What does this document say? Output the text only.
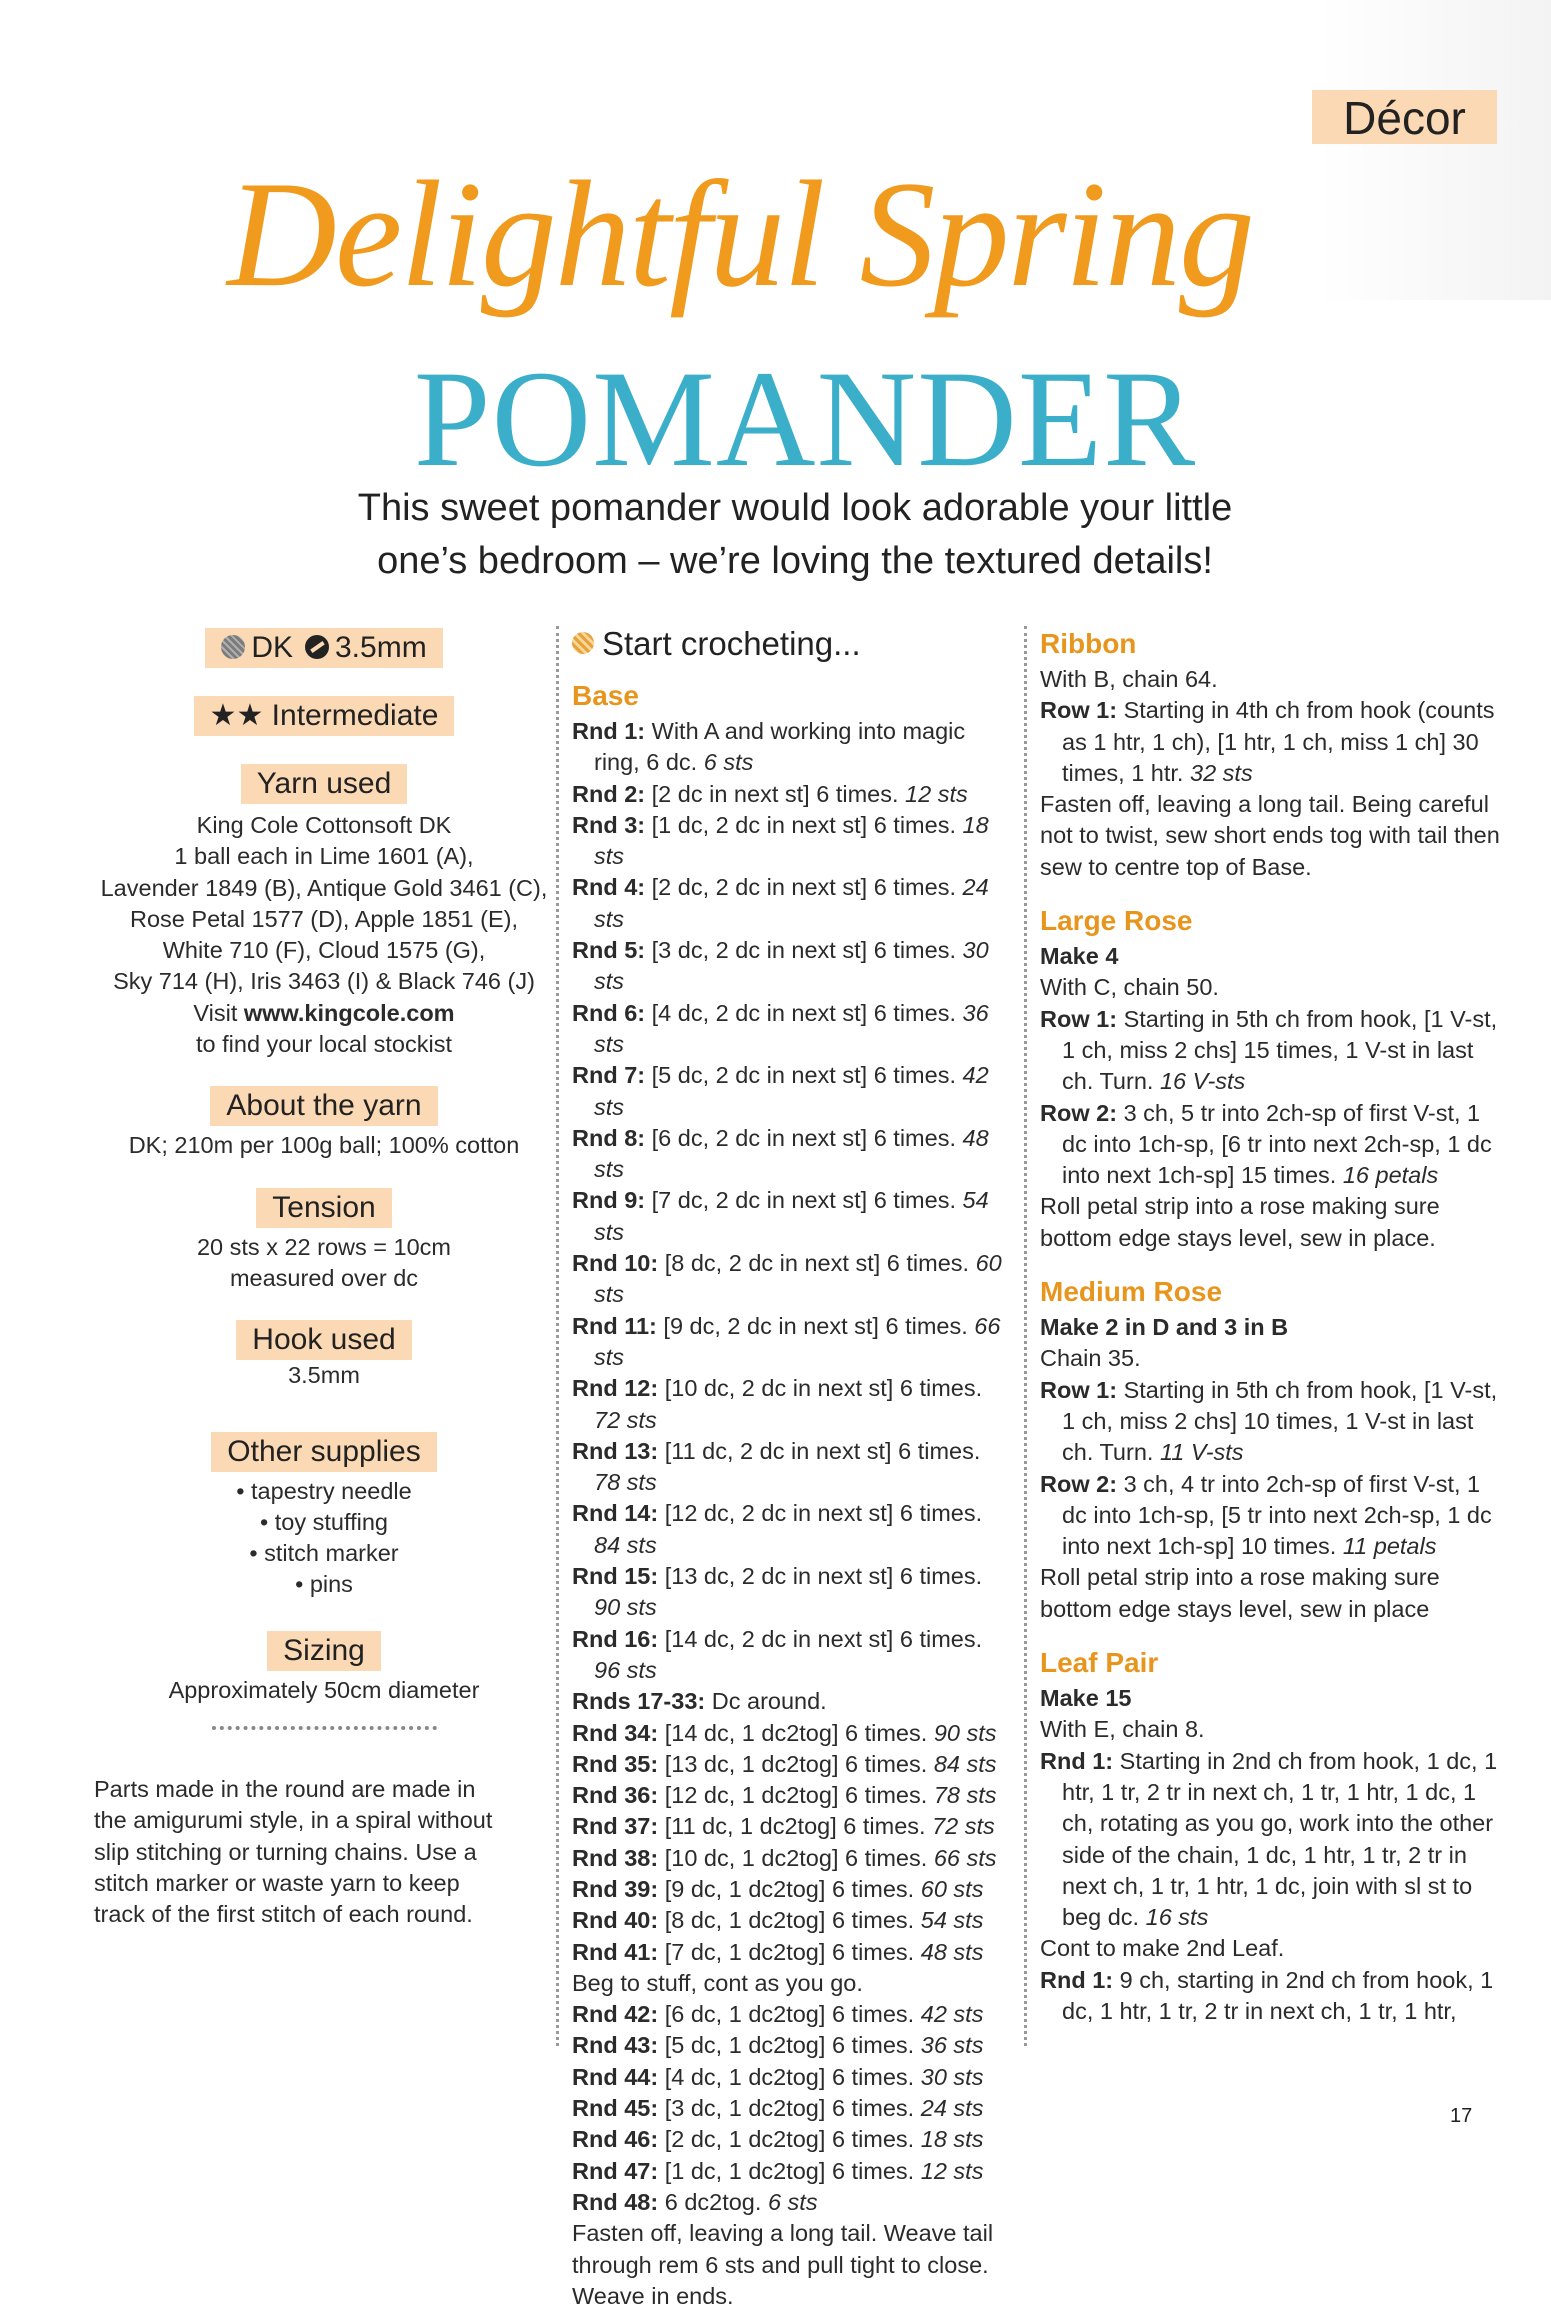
Décor
Delightful Spring
POMANDER
This sweet pomander would look adorable your little
one’s bedroom – we’re loving the textured details!
DK 3.5mm
★★ Intermediate
Yarn used

King Cole Cottonsoft DK

1 ball each in Lime 1601 (A),

Lavender 1849 (B), Antique Gold 3461 (C),

Rose Petal 1577 (D), Apple 1851 (E),

White 710 (F), Cloud 1575 (G),

Sky 714 (H), Iris 3463 (I) & Black 746 (J)

Visit www.kingcole.com

to find your local stockist

About the yarn

DK; 210m per 100g ball; 100% cotton

Tension

20 sts x 22 rows = 10cm

measured over dc

Hook used

3.5mm

Other supplies

• tapestry needle

• toy stuffing

• stitch marker

• pins

Sizing

Approximately 50cm diameter

Parts made in the round are made in

the amigurumi style, in a spiral without

slip stitching or turning chains. Use a

stitch marker or waste yarn to keep

track of the first stitch of each round.

Start crocheting...
Base

Rnd 1: With A and working into magic ring, 6 dc. 6 sts

Rnd 2: [2 dc in next st] 6 times. 12 sts

Rnd 3: [1 dc, 2 dc in next st] 6 times. 18 sts

Rnd 4: [2 dc, 2 dc in next st] 6 times. 24 sts

Rnd 5: [3 dc, 2 dc in next st] 6 times. 30 sts

Rnd 6: [4 dc, 2 dc in next st] 6 times. 36 sts

Rnd 7: [5 dc, 2 dc in next st] 6 times. 42 sts

Rnd 8: [6 dc, 2 dc in next st] 6 times. 48 sts

Rnd 9: [7 dc, 2 dc in next st] 6 times. 54 sts

Rnd 10: [8 dc, 2 dc in next st] 6 times. 60 sts

Rnd 11: [9 dc, 2 dc in next st] 6 times. 66 sts

Rnd 12: [10 dc, 2 dc in next st] 6 times. 72 sts

Rnd 13: [11 dc, 2 dc in next st] 6 times. 78 sts

Rnd 14: [12 dc, 2 dc in next st] 6 times. 84 sts

Rnd 15: [13 dc, 2 dc in next st] 6 times. 90 sts

Rnd 16: [14 dc, 2 dc in next st] 6 times. 96 sts

Rnds 17-33: Dc around.

Rnd 34: [14 dc, 1 dc2tog] 6 times. 90 sts

Rnd 35: [13 dc, 1 dc2tog] 6 times. 84 sts

Rnd 36: [12 dc, 1 dc2tog] 6 times. 78 sts

Rnd 37: [11 dc, 1 dc2tog] 6 times. 72 sts

Rnd 38: [10 dc, 1 dc2tog] 6 times. 66 sts

Rnd 39: [9 dc, 1 dc2tog] 6 times. 60 sts

Rnd 40: [8 dc, 1 dc2tog] 6 times. 54 sts

Rnd 41: [7 dc, 1 dc2tog] 6 times. 48 sts

Beg to stuff, cont as you go.

Rnd 42: [6 dc, 1 dc2tog] 6 times. 42 sts

Rnd 43: [5 dc, 1 dc2tog] 6 times. 36 sts

Rnd 44: [4 dc, 1 dc2tog] 6 times. 30 sts

Rnd 45: [3 dc, 1 dc2tog] 6 times. 24 sts

Rnd 46: [2 dc, 1 dc2tog] 6 times. 18 sts

Rnd 47: [1 dc, 1 dc2tog] 6 times. 12 sts

Rnd 48: 6 dc2tog. 6 sts

Fasten off, leaving a long tail. Weave tail through rem 6 sts and pull tight to close. Weave in ends.

Ribbon

With B, chain 64.

Row 1: Starting in 4th ch from hook (counts as 1 htr, 1 ch), [1 htr, 1 ch, miss 1 ch] 30 times, 1 htr. 32 sts

Fasten off, leaving a long tail. Being careful not to twist, sew short ends tog with tail then sew to centre top of Base.

Large Rose

Make 4

With C, chain 50.

Row 1: Starting in 5th ch from hook, [1 V-st, 1 ch, miss 2 chs] 15 times, 1 V-st in last ch. Turn. 16 V-sts

Row 2: 3 ch, 5 tr into 2ch-sp of first V-st, 1 dc into 1ch-sp, [6 tr into next 2ch-sp, 1 dc into next 1ch-sp] 15 times. 16 petals

Roll petal strip into a rose making sure bottom edge stays level, sew in place.

Medium Rose

Make 2 in D and 3 in B

Chain 35.

Row 1: Starting in 5th ch from hook, [1 V-st, 1 ch, miss 2 chs] 10 times, 1 V-st in last ch. Turn. 11 V-sts

Row 2: 3 ch, 4 tr into 2ch-sp of first V-st, 1 dc into 1ch-sp, [5 tr into next 2ch-sp, 1 dc into next 1ch-sp] 10 times. 11 petals

Roll petal strip into a rose making sure bottom edge stays level, sew in place

Leaf Pair

Make 15

With E, chain 8.

Rnd 1: Starting in 2nd ch from hook, 1 dc, 1 htr, 1 tr, 2 tr in next ch, 1 tr, 1 htr, 1 dc, 1 ch, rotating as you go, work into the other side of the chain, 1 dc, 1 htr, 1 tr, 2 tr in next ch, 1 tr, 1 htr, 1 dc, join with sl st to beg dc. 16 sts

Cont to make 2nd Leaf.

Rnd 1: 9 ch, starting in 2nd ch from hook, 1 dc, 1 htr, 1 tr, 2 tr in next ch, 1 tr, 1 htr,

17
